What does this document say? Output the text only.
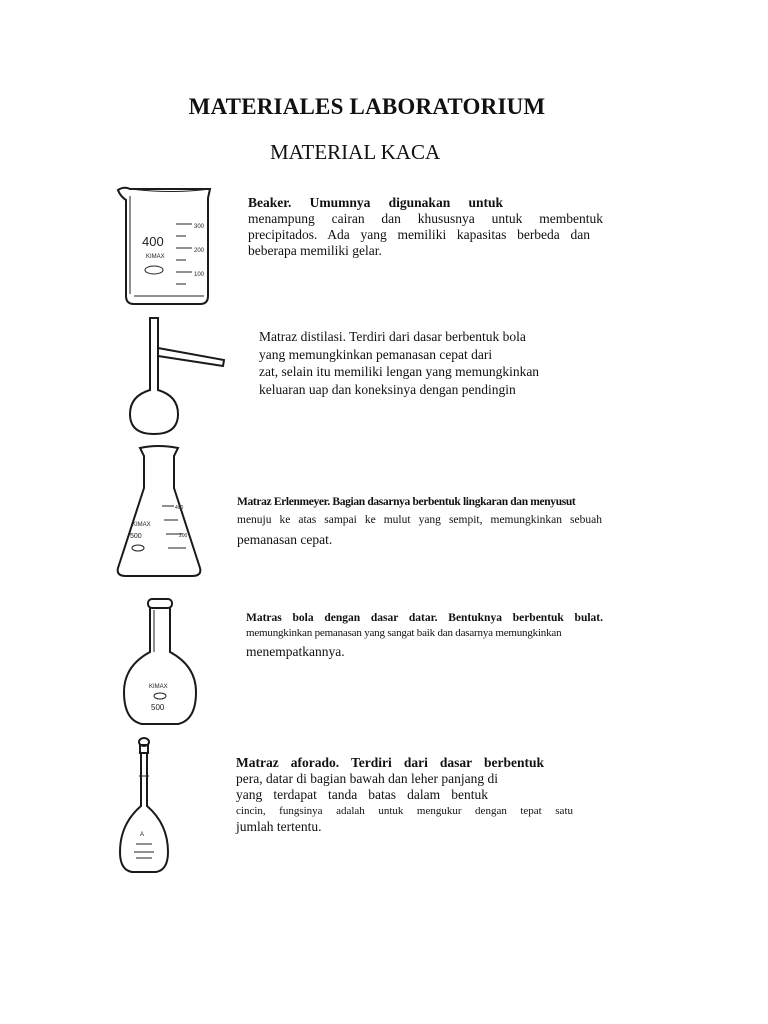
MATERIALES LABORATORIUM
MATERIAL KACA
300
200
100
400
KIMAX
Beaker. Umumnya digunakan untuk
menampung cairan dan khususnya untuk membentuk
precipitados. Ada yang memiliki kapasitas berbeda dan
beberapa memiliki gelar.
Matraz distilasi. Terdiri dari dasar berbentuk bola
yang memungkinkan pemanasan cepat dari
zat, selain itu memiliki lengan yang memungkinkan
keluaran uap dan koneksinya dengan pendingin
400
200
KIMAX
500
Matraz Erlenmeyer. Bagian dasarnya berbentuk lingkaran dan menyusut
menuju ke atas sampai ke mulut yang sempit, memungkinkan sebuah
pemanasan cepat.
KIMAX
500
Matras bola dengan dasar datar. Bentuknya berbentuk bulat.
memungkinkan pemanasan yang sangat baik dan dasarnya memungkinkan
menempatkannya.
A
Matraz aforado. Terdiri dari dasar berbentuk
pera, datar di bagian bawah dan leher panjang di
yang terdapat tanda batas dalam bentuk
cincin, fungsinya adalah untuk mengukur dengan tepat satu
jumlah tertentu.
